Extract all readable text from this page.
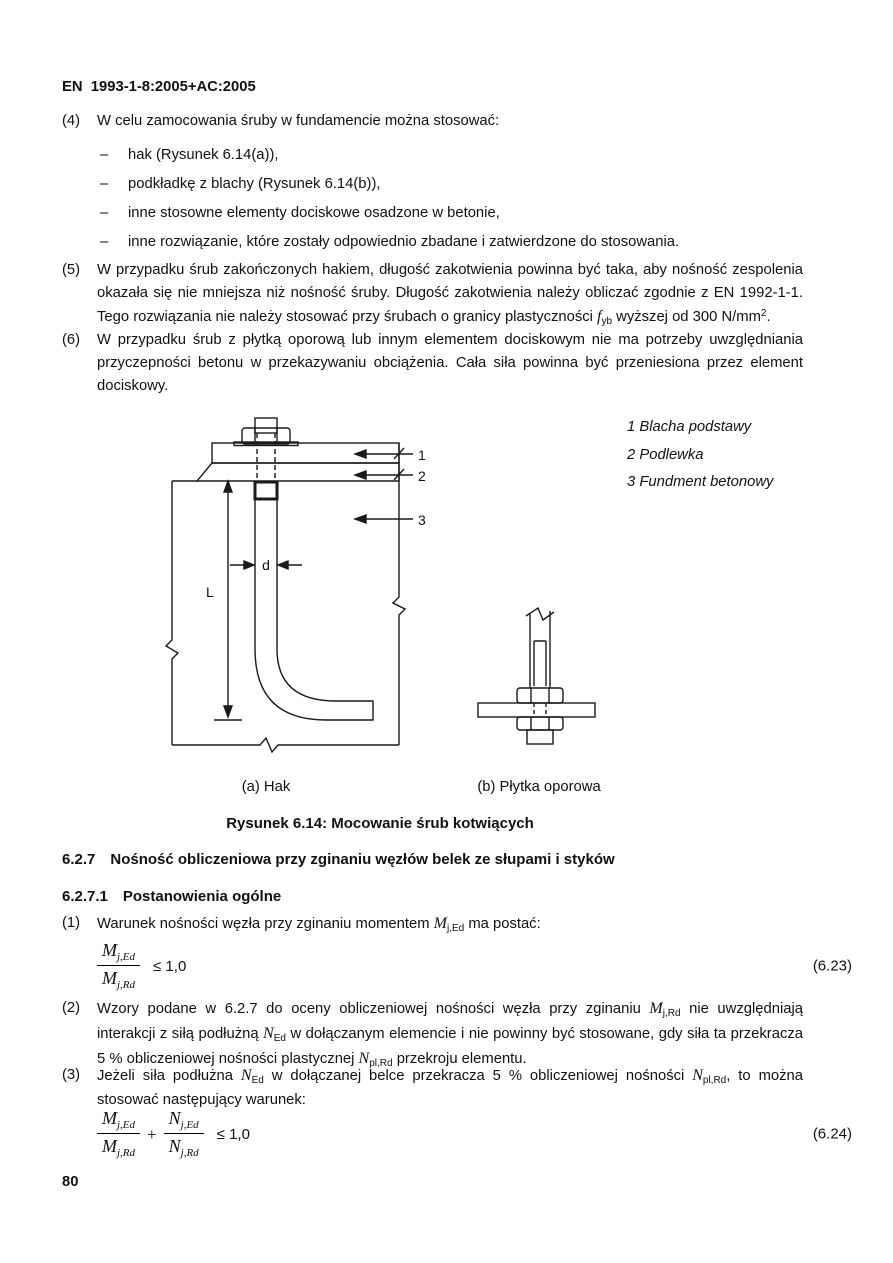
EN  1993-1-8:2005+AC:2005
(4) W celu zamocowania śruby w fundamencie można stosować:
– hak (Rysunek 6.14(a)),
– podkładkę z blachy (Rysunek 6.14(b)),
– inne stosowne elementy dociskowe osadzone w betonie,
– inne rozwiązanie, które zostały odpowiednio zbadane i zatwierdzone do stosowania.
(5) W przypadku śrub zakończonych hakiem, długość zakotwienia powinna być taka, aby nośność zespolenia okazała się nie mniejsza niż nośność śruby. Długość zakotwienia należy obliczać zgodnie z EN 1992-1-1. Tego rozwiązania nie należy stosować przy śrubach o granicy plastyczności $f_{yb}$ wyższej od 300 $N/mm^2$.
(6) W przypadku śrub z płytką oporową lub innym elementem dociskowym nie ma potrzeby uwzględniania przyczepności betonu w przekazywaniu obciążenia. Cała siła powinna być przeniesiona przez element dociskowy.
1
2
3
d
L
1 Blacha podstawy
2 Podlewka
3 Fundment betonowy
(a) Hak	(b) Płytka oporowa
Rysunek 6.14: Mocowanie śrub kotwiących
6.2.7 Nośność obliczeniowa przy zginaniu węzłów belek ze słupami i styków
6.2.7.1 Postanowienia ogólne
(1) Warunek nośności węzła przy zginaniu momentem $M_{j,Ed}$ ma postać:
$\frac{M_{j,Ed}}{M_{j,Rd}} \le 1,0$	(6.23)
(2) Wzory podane w 6.2.7 do oceny obliczeniowej nośności węzła przy zginaniu $M_{j,Rd}$ nie uwzględniają interakcji z siłą podłużną $N_{Ed}$ w dołączanym elemencie i nie powinny być stosowane, gdy siła ta przekracza 5 % obliczeniowej nośności plastycznej $N_{pl,Rd}$ przekroju elementu.
(3) Jeżeli siła podłużna $N_{Ed}$ w dołączanej belce przekracza 5 % obliczeniowej nośności $N_{pl,Rd}$, to można stosować następujący warunek:
$\frac{M_{j,Ed}}{M_{j,Rd}} + \frac{N_{j,Ed}}{N_{j,Rd}} \le 1,0$	(6.24)
80
